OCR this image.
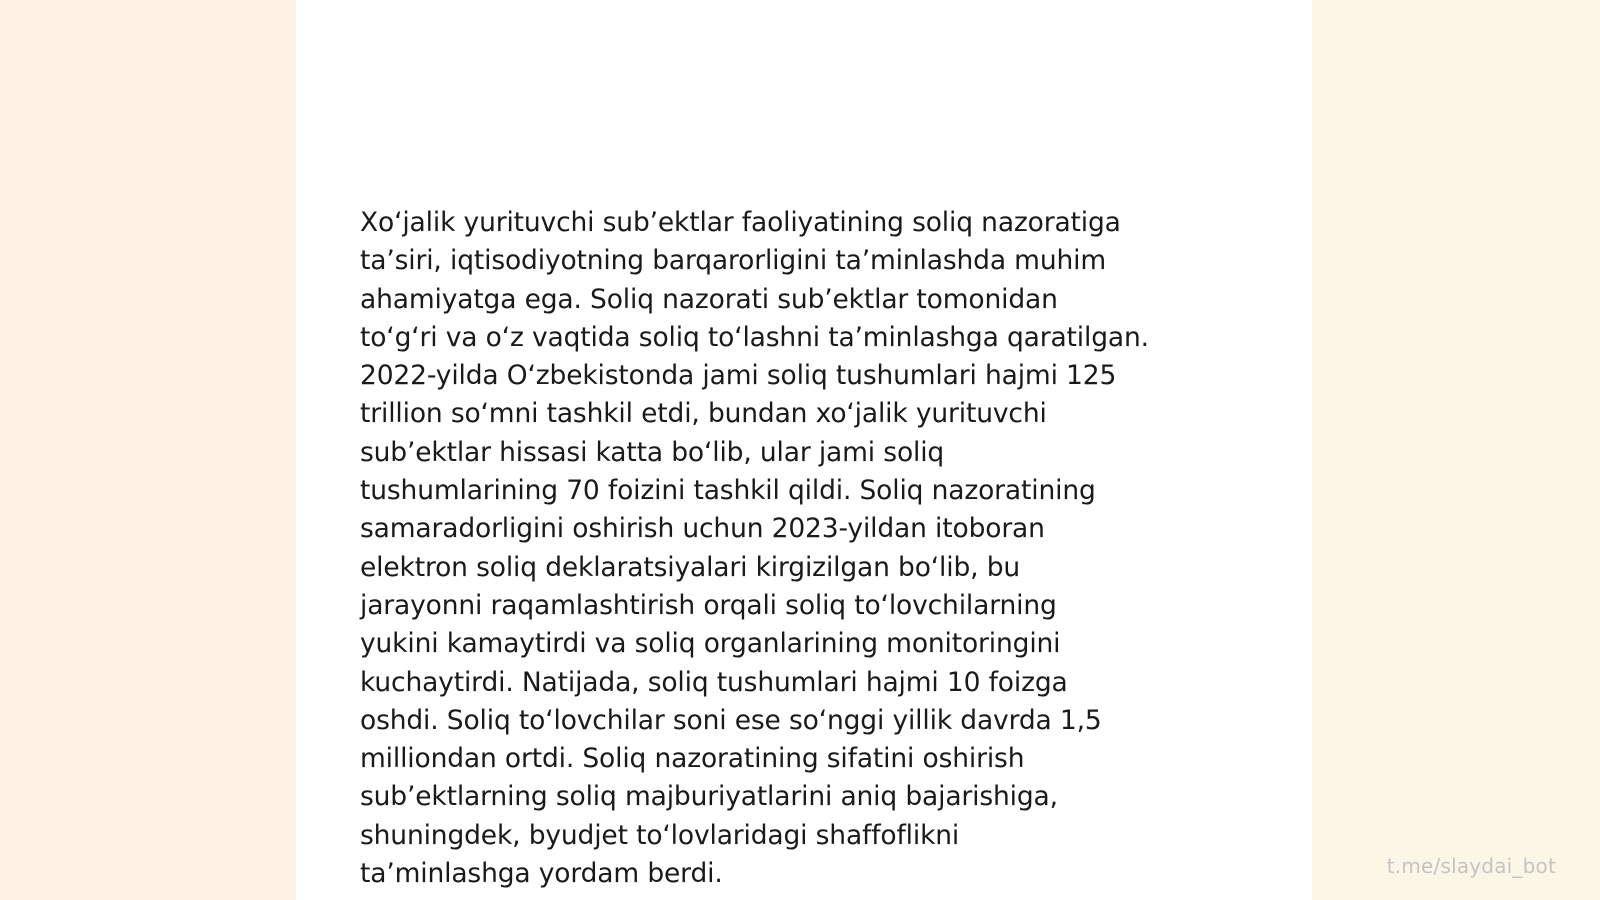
Xo‘jalik yurituvchi sub’ektlar faoliyatining soliq nazoratiga
ta’siri, iqtisodiyotning barqarorligini ta’minlashda muhim
ahamiyatga ega. Soliq nazorati sub’ektlar tomonidan
to‘g‘ri va o‘z vaqtida soliq to‘lashni ta’minlashga qaratilgan.
2022-yilda O‘zbekistonda jami soliq tushumlari hajmi 125
trillion so‘mni tashkil etdi, bundan xo‘jalik yurituvchi
sub’ektlar hissasi katta bo‘lib, ular jami soliq
tushumlarining 70 foizini tashkil qildi. Soliq nazoratining
samaradorligini oshirish uchun 2023-yildan itoboran
elektron soliq deklaratsiyalari kirgizilgan bo‘lib, bu
jarayonni raqamlashtirish orqali soliq to‘lovchilarning
yukini kamaytirdi va soliq organlarining monitoringini
kuchaytirdi. Natijada, soliq tushumlari hajmi 10 foizga
oshdi. Soliq to‘lovchilar soni ese so‘nggi yillik davrda 1,5
milliondan ortdi. Soliq nazoratining sifatini oshirish
sub’ektlarning soliq majburiyatlarini aniq bajarishiga,
shuningdek, byudjet to‘lovlaridagi shaffoflikni
ta’minlashga yordam berdi.	t.me/slaydai_bot
